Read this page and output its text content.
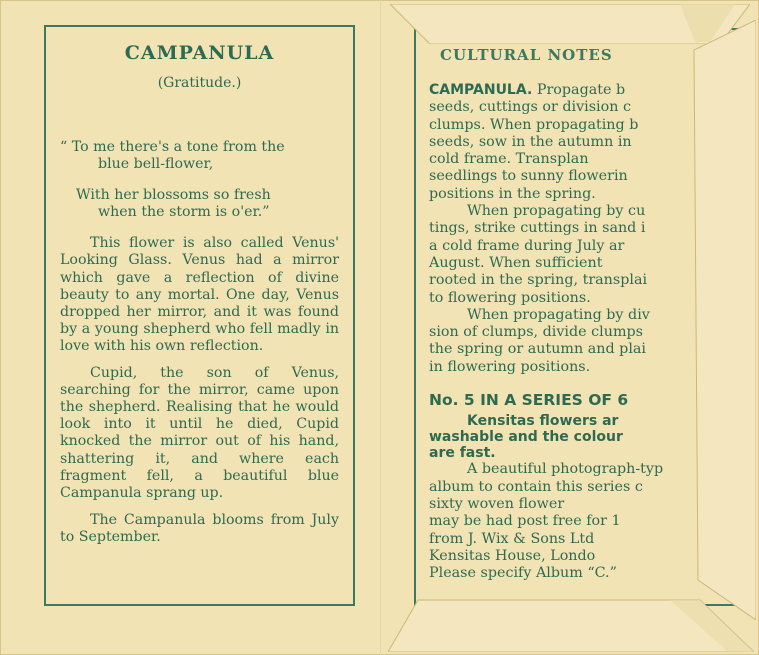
CAMPANULA
(Gratitude.)
“ To me there's a tone from the
blue bell-flower,
With her blossoms so fresh
when the storm is o'er.”

This flower is also called Venus' Looking Glass. Venus had a mirror which gave a reflection of divine beauty to any mortal. One day, Venus dropped her mirror, and it was found by a young shepherd who fell madly in love with his own reflection.

Cupid, the son of Venus, searching for the mirror, came upon the shepherd. Realising that he would look into it until he died, Cupid knocked the mirror out of his hand, shattering it, and where each fragment fell, a beautiful blue Campanula sprang up.

The Campanula blooms from July to September.

CULTURAL NOTES
CAMPANULA. Propagate b
seeds, cuttings or division c
clumps. When propagating b
seeds, sow in the autumn in
cold frame. Transplan
seedlings to sunny flowerin
positions in the spring.
When propagating by cu
tings, strike cuttings in sand i
a cold frame during July ar
August. When sufficient
rooted in the spring, transplai
to flowering positions.
When propagating by div
sion of clumps, divide clumps
the spring or autumn and plai
in flowering positions.
No. 5 IN A SERIES OF 6
Kensitas flowers ar
washable and the colour
are fast.
A beautiful photograph-typ
album to contain this series c
sixty woven flower
may be had post free for 1
from J. Wix & Sons Ltd
Kensitas House, Londo
Please specify Album “C.”
